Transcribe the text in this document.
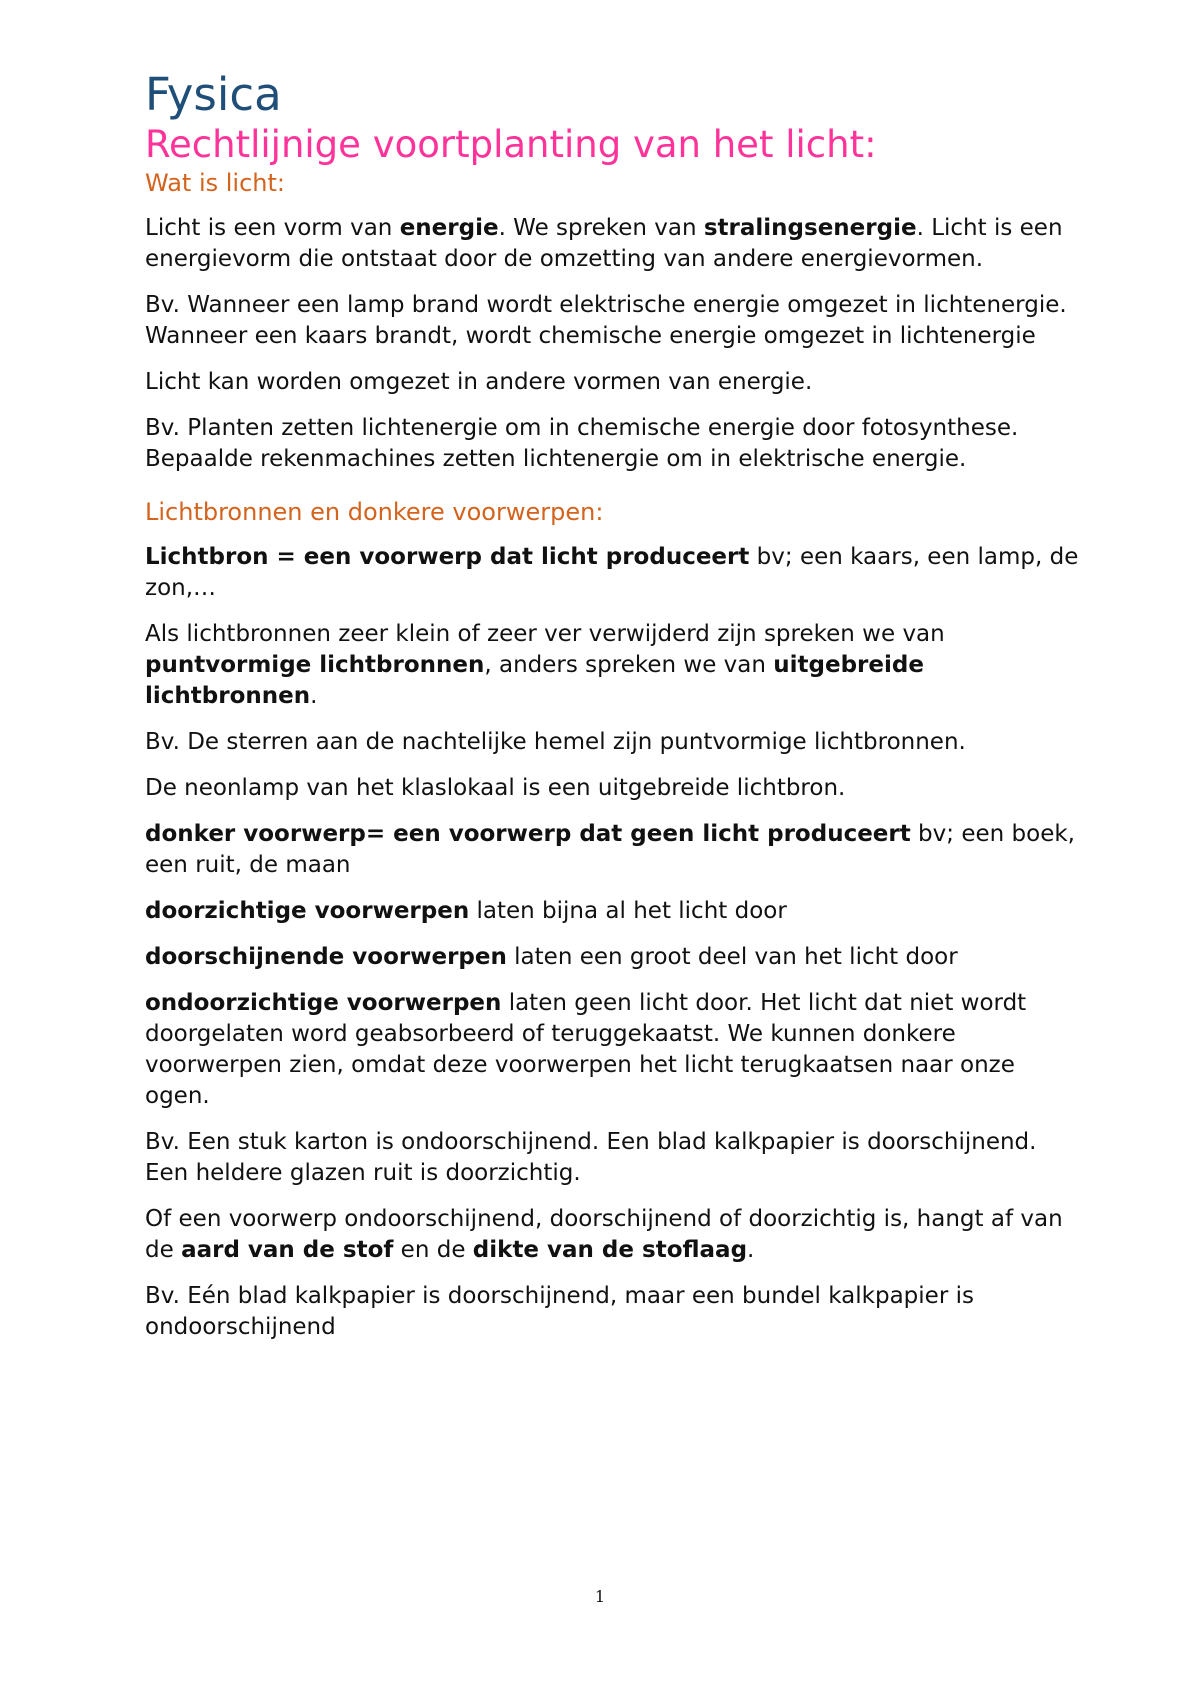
Fysica
Rechtlijnige voortplanting van het licht:
Wat is licht:

Licht is een vorm van energie. We spreken van stralingsenergie. Licht is een energievorm die ontstaat door de omzetting van andere energievormen.

Bv. Wanneer een lamp brand wordt elektrische energie omgezet in lichtenergie. Wanneer een kaars brandt, wordt chemische energie omgezet in lichtenergie

Licht kan worden omgezet in andere vormen van energie.

Bv. Planten zetten lichtenergie om in chemische energie door fotosynthese. Bepaalde rekenmachines zetten lichtenergie om in elektrische energie.

Lichtbronnen en donkere voorwerpen:

Lichtbron = een voorwerp dat licht produceert bv; een kaars, een lamp, de zon,…

Als lichtbronnen zeer klein of zeer ver verwijderd zijn spreken we van puntvormige lichtbronnen, anders spreken we van uitgebreide lichtbronnen.

Bv. De sterren aan de nachtelijke hemel zijn puntvormige lichtbronnen.

De neonlamp van het klaslokaal is een uitgebreide lichtbron.

donker voorwerp= een voorwerp dat geen licht produceert bv; een boek, een ruit, de maan

doorzichtige voorwerpen laten bijna al het licht door

doorschijnende voorwerpen laten een groot deel van het licht door

ondoorzichtige voorwerpen laten geen licht door. Het licht dat niet wordt doorgelaten word geabsorbeerd of teruggekaatst. We kunnen donkere voorwerpen zien, omdat deze voorwerpen het licht terugkaatsen naar onze ogen.

Bv. Een stuk karton is ondoorschijnend. Een blad kalkpapier is doorschijnend. Een heldere glazen ruit is doorzichtig.

Of een voorwerp ondoorschijnend, doorschijnend of doorzichtig is, hangt af van de aard van de stof en de dikte van de stoflaag.

Bv. Eén blad kalkpapier is doorschijnend, maar een bundel kalkpapier is ondoorschijnend

1
